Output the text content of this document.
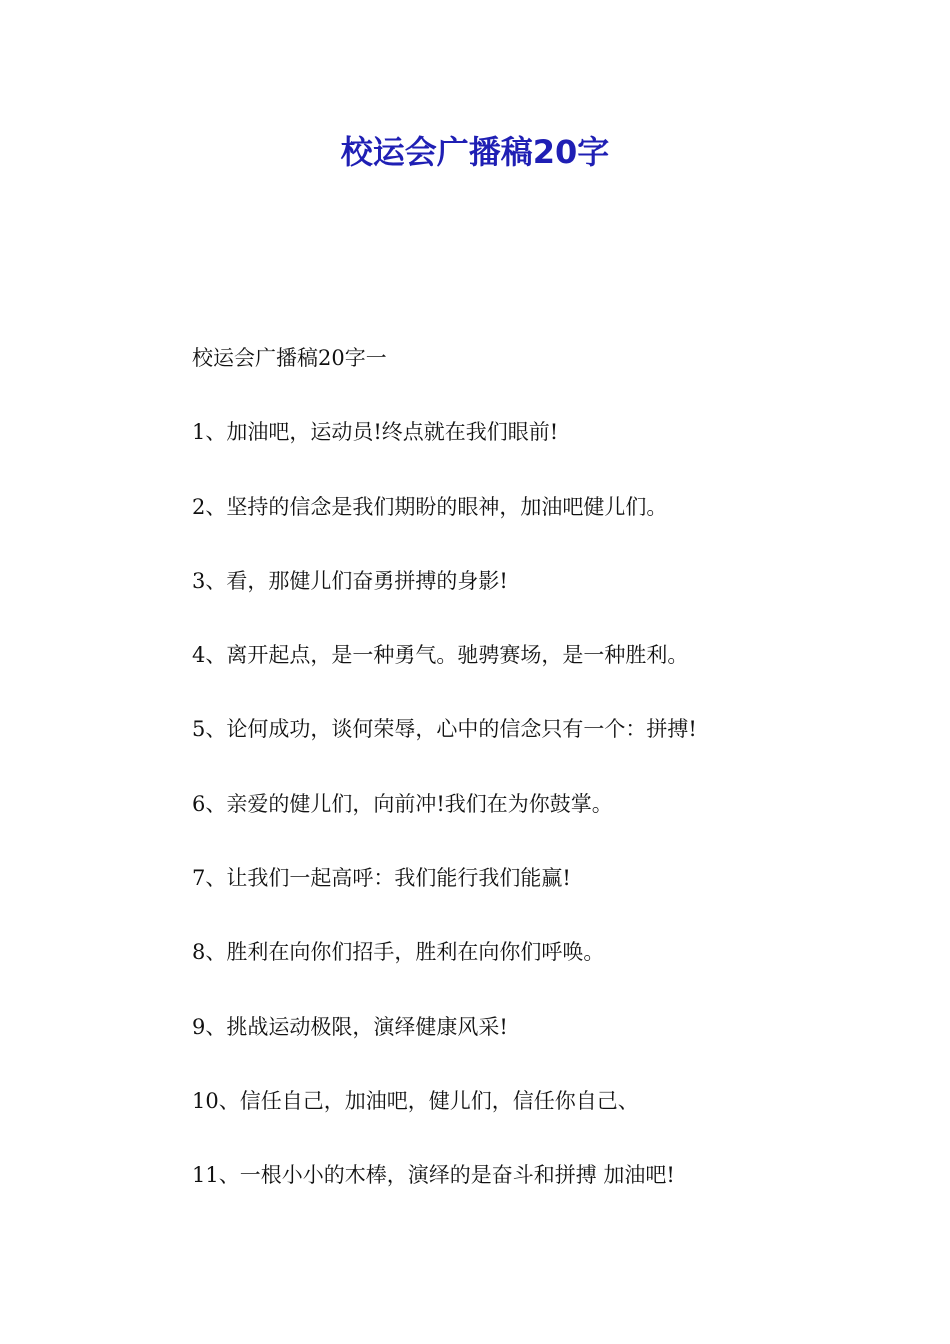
校运会广播稿20字

校运会广播稿20字一

1、加油吧，运动员!终点就在我们眼前!

2、坚持的信念是我们期盼的眼神，加油吧健儿们。

3、看，那健儿们奋勇拼搏的身影!

4、离开起点，是一种勇气。驰骋赛场，是一种胜利。

5、论何成功，谈何荣辱，心中的信念只有一个：拼搏!

6、亲爱的健儿们，向前冲!我们在为你鼓掌。

7、让我们一起高呼：我们能行我们能赢!

8、胜利在向你们招手，胜利在向你们呼唤。

9、挑战运动极限，演绎健康风采!

10、信任自己，加油吧，健儿们，信任你自己、

11、一根小小的木棒，演绎的是奋斗和拼搏 加油吧!
